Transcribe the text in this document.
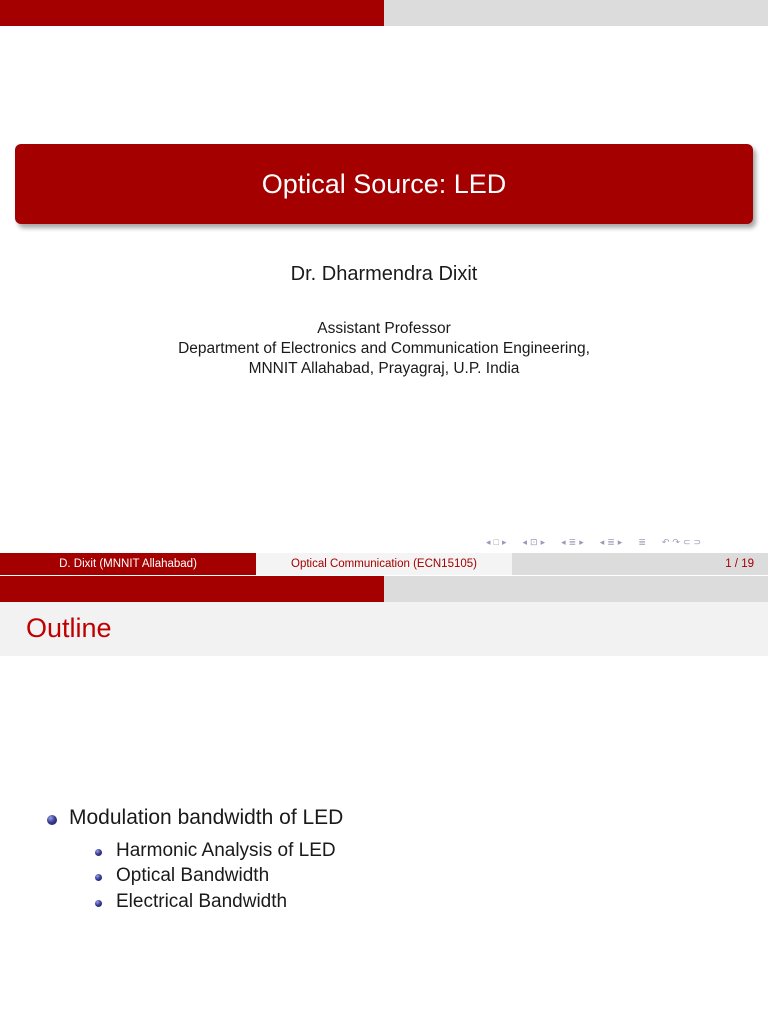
Optical Source: LED
Dr. Dharmendra Dixit
Assistant Professor
Department of Electronics and Communication Engineering,
MNNIT Allahabad, Prayagraj, U.P. India
◂ □ ▸ ◂ ⊡ ▸ ◂ ≣ ▸ ◂ ≣ ▸ ≣ ↶ ↷ ⊂ ⊃
D. Dixit (MNNIT Allahabad)	Optical Communication (ECN15105)	1 / 19
Outline
Modulation bandwidth of LED
Harmonic Analysis of LED
Optical Bandwidth
Electrical Bandwidth
